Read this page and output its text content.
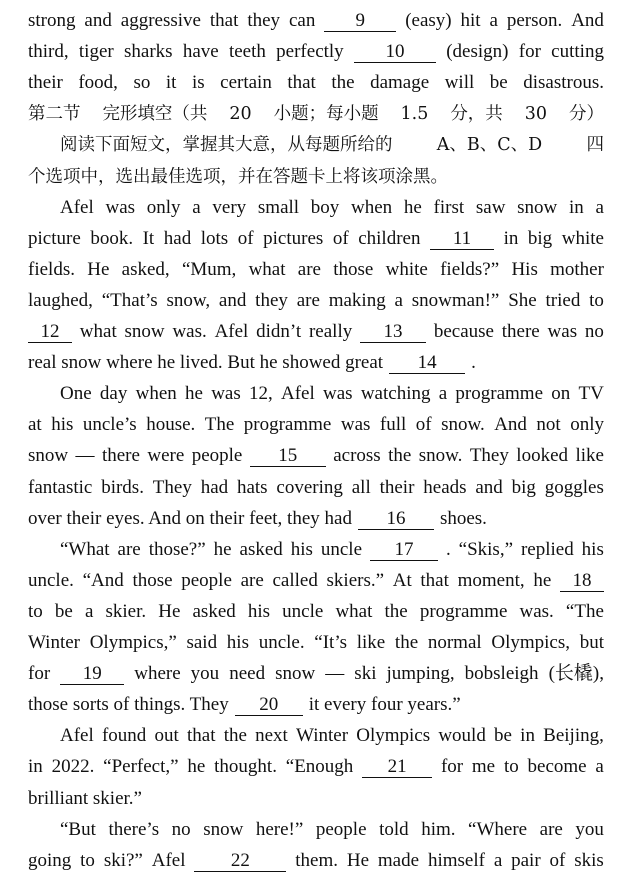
strong and aggressive that they can	9	(easy) hit a person. And
third, tiger sharks have teeth perfectly	10	(design) for cutting
their food, so it is certain that the damage will be disastrous.
第二节 完形填空（共 20 小题；每小题 1.5 分，共 30 分）
阅读下面短文，掌握其大意，从每题所给的	A、B、C、D	四
个选项中，选出最佳选项，并在答题卡上将该项涂黑。
Afel was only a very small boy when he first saw snow in a
picture book. It had lots of pictures of children	11	in big white
fields. He asked, “Mum, what are those white fields?” His mother
laughed, “That’s snow, and they are making a snowman!” She tried to
12	what snow was. Afel didn’t really	13	because there was no
real snow where he lived. But he showed great	14	.
One day when he was 12, Afel was watching a programme on TV
at his uncle’s house. The programme was full of snow. And not only
snow — there were people	15	across the snow. They looked like
fantastic birds. They had hats covering all their heads and big goggles
over their eyes. And on their feet, they had	16	shoes.
“What are those?” he asked his uncle	17	. “Skis,” replied his
uncle. “And those people are called skiers.” At that moment, he	18
to be a skier. He asked his uncle what the programme was. “The
Winter Olympics,” said his uncle. “It’s like the normal Olympics, but
for	19	where you need snow — ski jumping, bobsleigh (长橇),
those sorts of things. They	20	it every four years.”
Afel found out that the next Winter Olympics would be in Beijing,
in 2022. “Perfect,” he thought. “Enough	21	for me to become a
brilliant skier.”
“But there’s no snow here!” people told him. “Where are you
going to ski?” Afel	22	them. He made himself a pair of skis
